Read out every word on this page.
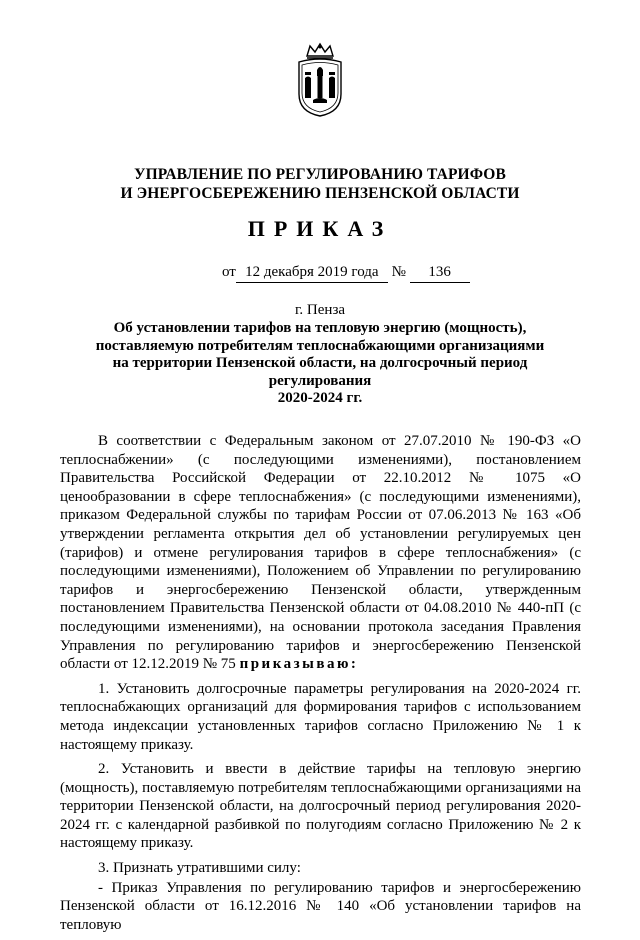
УПРАВЛЕНИЕ ПО РЕГУЛИРОВАНИЮ ТАРИФОВ
И ЭНЕРГОСБЕРЕЖЕНИЮ ПЕНЗЕНСКОЙ ОБЛАСТИ
ПРИКАЗ
от 12 декабря 2019 года № 136
г. Пенза
Об установлении тарифов на тепловую энергию (мощность),
поставляемую потребителям теплоснабжающими организациями
на территории Пензенской области, на долгосрочный период регулирования
2020-2024 гг.

В соответствии с Федеральным законом от 27.07.2010 № 190-ФЗ «О теплоснабжении» (с последующими изменениями), постановлением Правительства Российской Федерации от 22.10.2012 № 1075 «О ценообразовании в сфере теплоснабжения» (с последующими изменениями), приказом Федеральной службы по тарифам России от 07.06.2013 № 163 «Об утверждении регламента открытия дел об установлении регулируемых цен (тарифов) и отмене регулирования тарифов в сфере теплоснабжения» (с последующими изменениями), Положением об Управлении по регулированию тарифов и энергосбережению Пензенской области, утвержденным постановлением Правительства Пензенской области от 04.08.2010 № 440-пП (с последующими изменениями), на основании протокола заседания Правления Управления по регулированию тарифов и энергосбережению Пензенской области от 12.12.2019 № 75 приказываю:

1. Установить долгосрочные параметры регулирования на 2020-2024 гг. теплоснабжающих организаций для формирования тарифов с использованием метода индексации установленных тарифов согласно Приложению № 1 к настоящему приказу.

2. Установить и ввести в действие тарифы на тепловую энергию (мощность), поставляемую потребителям теплоснабжающими организациями на территории Пензенской области, на долгосрочный период регулирования 2020-2024 гг. с календарной разбивкой по полугодиям согласно Приложению № 2 к настоящему приказу.

3. Признать утратившими силу:

- Приказ Управления по регулированию тарифов и энергосбережению Пензенской области от 16.12.2016 № 140 «Об установлении тарифов на тепловую
